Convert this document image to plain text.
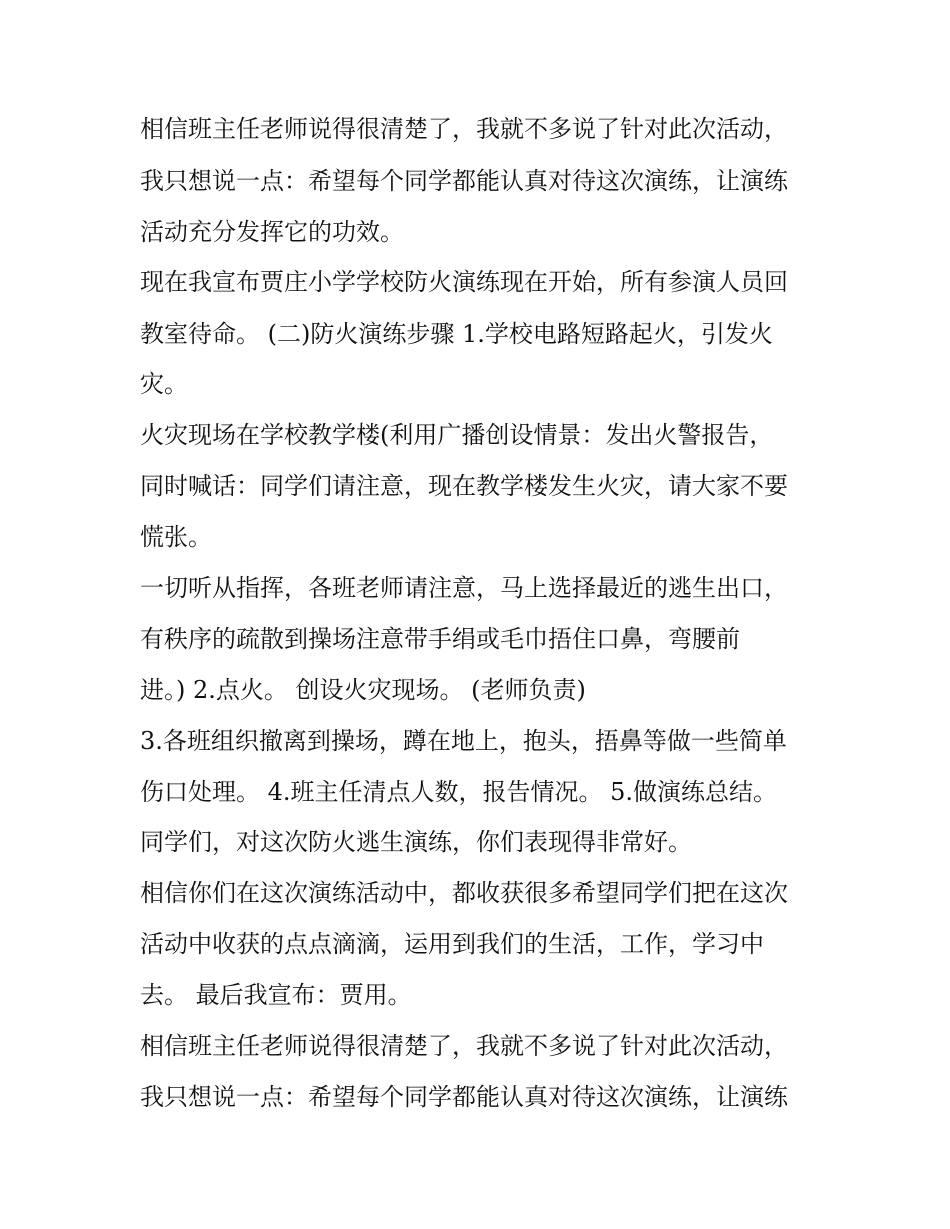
相信班主任老师说得很清楚了，我就不多说了针对此次活动，
我只想说一点：希望每个同学都能认真对待这次演练，让演练
活动充分发挥它的功效。
现在我宣布贾庄小学学校防火演练现在开始，所有参演人员回
教室待命。 (二)防火演练步骤 1.学校电路短路起火，引发火
灾。
火灾现场在学校教学楼(利用广播创设情景：发出火警报告，
同时喊话：同学们请注意，现在教学楼发生火灾，请大家不要
慌张。
一切听从指挥，各班老师请注意，马上选择最近的逃生出口，
有秩序的疏散到操场注意带手绢或毛巾捂住口鼻，弯腰前
进。) 2.点火。 创设火灾现场。 (老师负责)
3.各班组织撤离到操场，蹲在地上，抱头，捂鼻等做一些简单
伤口处理。 4.班主任清点人数，报告情况。 5.做演练总结。
同学们，对这次防火逃生演练，你们表现得非常好。
相信你们在这次演练活动中，都收获很多希望同学们把在这次
活动中收获的点点滴滴，运用到我们的生活，工作，学习中
去。 最后我宣布：贾用。
相信班主任老师说得很清楚了，我就不多说了针对此次活动，
我只想说一点：希望每个同学都能认真对待这次演练，让演练
